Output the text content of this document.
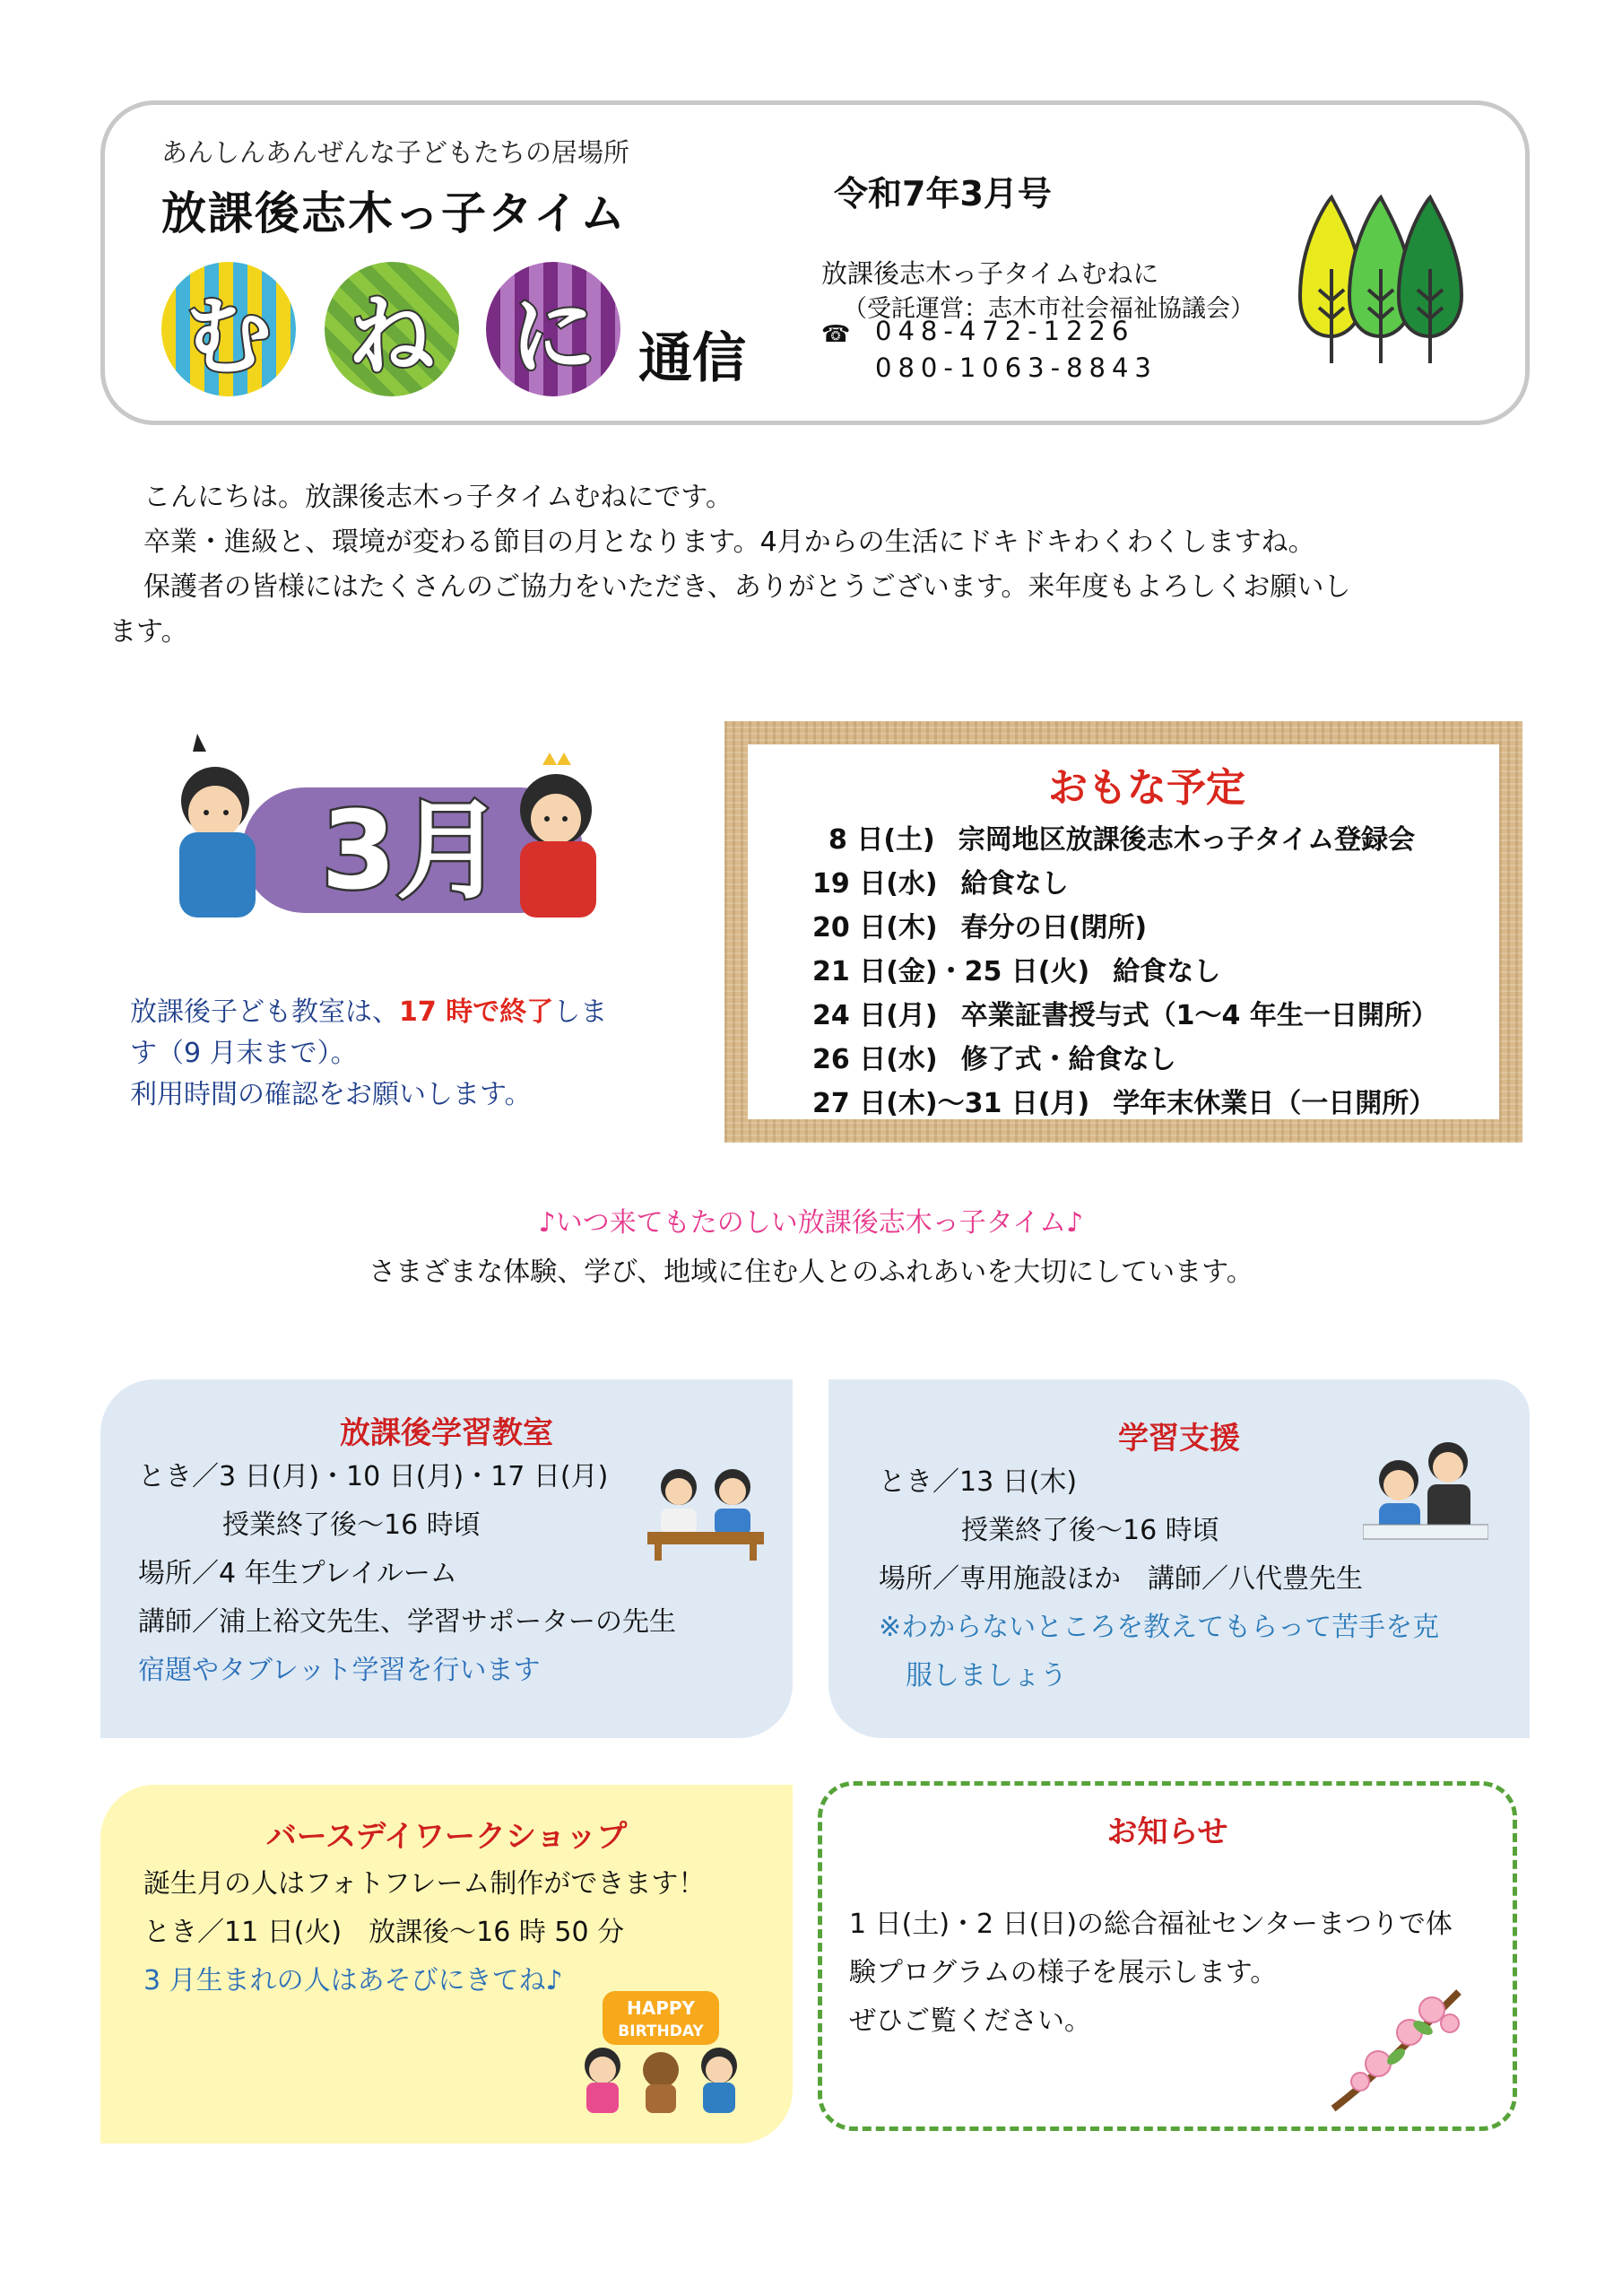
あんしんあんぜんな子どもたちの居場所
放課後志木っ子タイム
む ね に 通信
令和7年3月号
放課後志木っ子タイムむねに
（受託運営：志木市社会福祉協議会）
☎ 048-472-1226
080-1063-8843

こんにちは。放課後志木っ子タイムむねにです。

卒業・進級と、環境が変わる節目の月となります。4月からの生活にドキドキわくわくしますね。

保護者の皆様にはたくさんのご協力をいただき、ありがとうございます。来年度もよろしくお願いし

ます。

3月
放課後子ども教室は、17 時で終了しま
す（9 月末まで）。
利用時間の確認をお願いします。
おもな予定
8 日(土) 宗岡地区放課後志木っ子タイム登録会
19 日(水) 給食なし
20 日(木) 春分の日(閉所)
21 日(金)・25 日(火) 給食なし
24 日(月) 卒業証書授与式（1～4 年生一日開所）
26 日(水) 修了式・給食なし
27 日(木)～31 日(月) 学年末休業日（一日開所）
♪いつ来てもたのしい放課後志木っ子タイム♪
さまざまな体験、学び、地域に住む人とのふれあいを大切にしています。
放課後学習教室
とき／3 日(月)・10 日(月)・17 日(月)
授業終了後～16 時頃
場所／4 年生プレイルーム
講師／浦上裕文先生、学習サポーターの先生
宿題やタブレット学習を行います
学習支援
とき／13 日(木)
授業終了後～16 時頃
場所／専用施設ほか　講師／八代豊先生
※わからないところを教えてもらって苦手を克
服しましょう
バースデイワークショップ
誕生月の人はフォトフレーム制作ができます！
とき／11 日(火)　放課後～16 時 50 分
3 月生まれの人はあそびにきてね♪
HAPPY
BIRTHDAY
お知らせ
1 日(土)・2 日(日)の総合福祉センターまつりで体
験プログラムの様子を展示します。
ぜひご覧ください。
